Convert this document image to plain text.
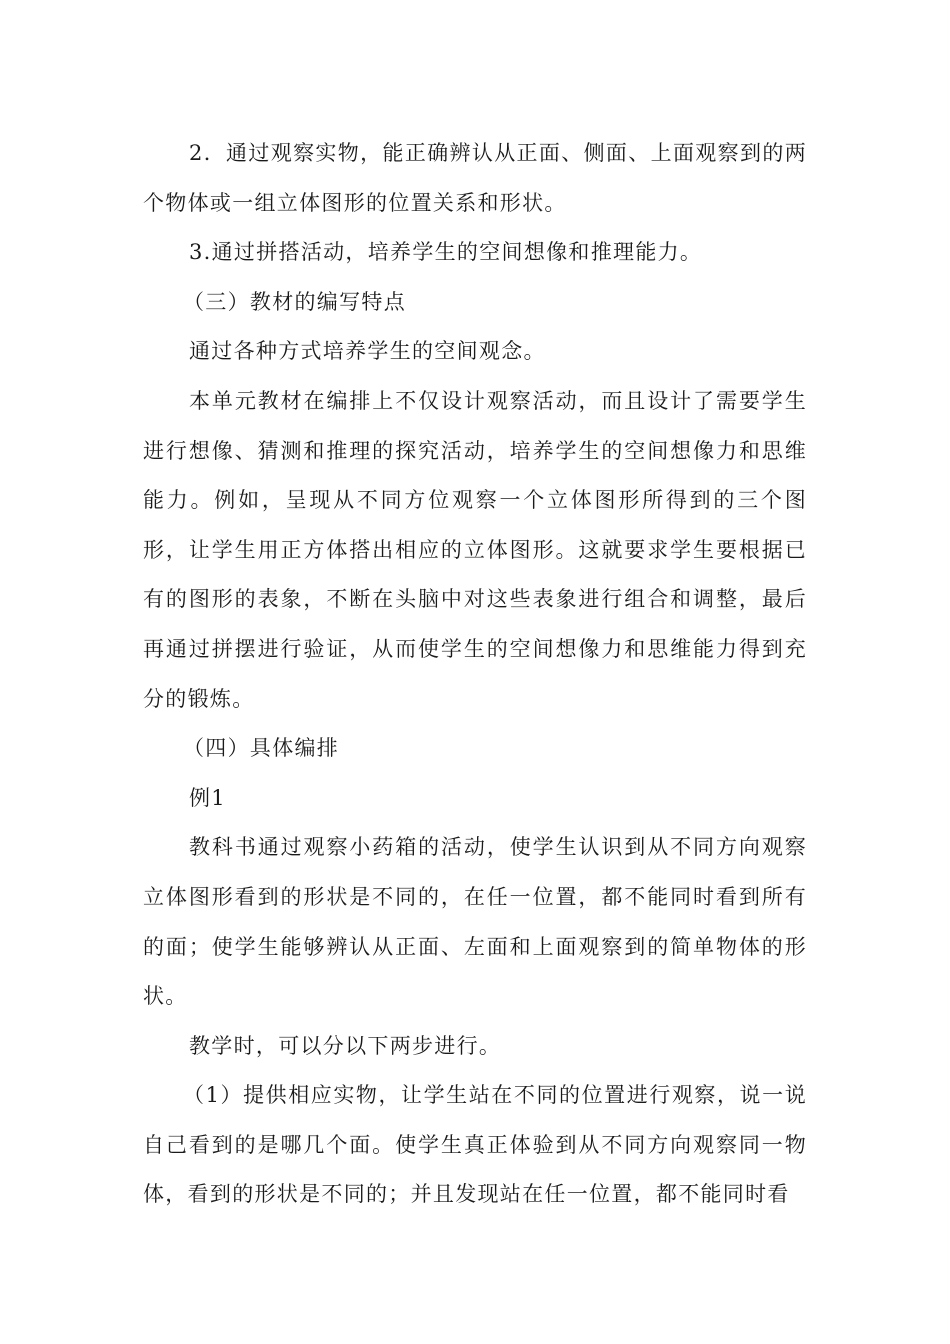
2．通过观察实物，能正确辨认从正面、侧面、上面观察到的两个物体或一组立体图形的位置关系和形状。

3.通过拼搭活动，培养学生的空间想像和推理能力。

（三）教材的编写特点

通过各种方式培养学生的空间观念。

本单元教材在编排上不仅设计观察活动，而且设计了需要学生进行想像、猜测和推理的探究活动，培养学生的空间想像力和思维能力。例如，呈现从不同方位观察一个立体图形所得到的三个图形，让学生用正方体搭出相应的立体图形。这就要求学生要根据已有的图形的表象，不断在头脑中对这些表象进行组合和调整，最后再通过拼摆进行验证，从而使学生的空间想像力和思维能力得到充分的锻炼。

（四）具体编排

例1

教科书通过观察小药箱的活动，使学生认识到从不同方向观察立体图形看到的形状是不同的，在任一位置，都不能同时看到所有的面；使学生能够辨认从正面、左面和上面观察到的简单物体的形状。

教学时，可以分以下两步进行。

（1）提供相应实物，让学生站在不同的位置进行观察，说一说自己看到的是哪几个面。使学生真正体验到从不同方向观察同一物体，看到的形状是不同的；并且发现站在任一位置，都不能同时看
